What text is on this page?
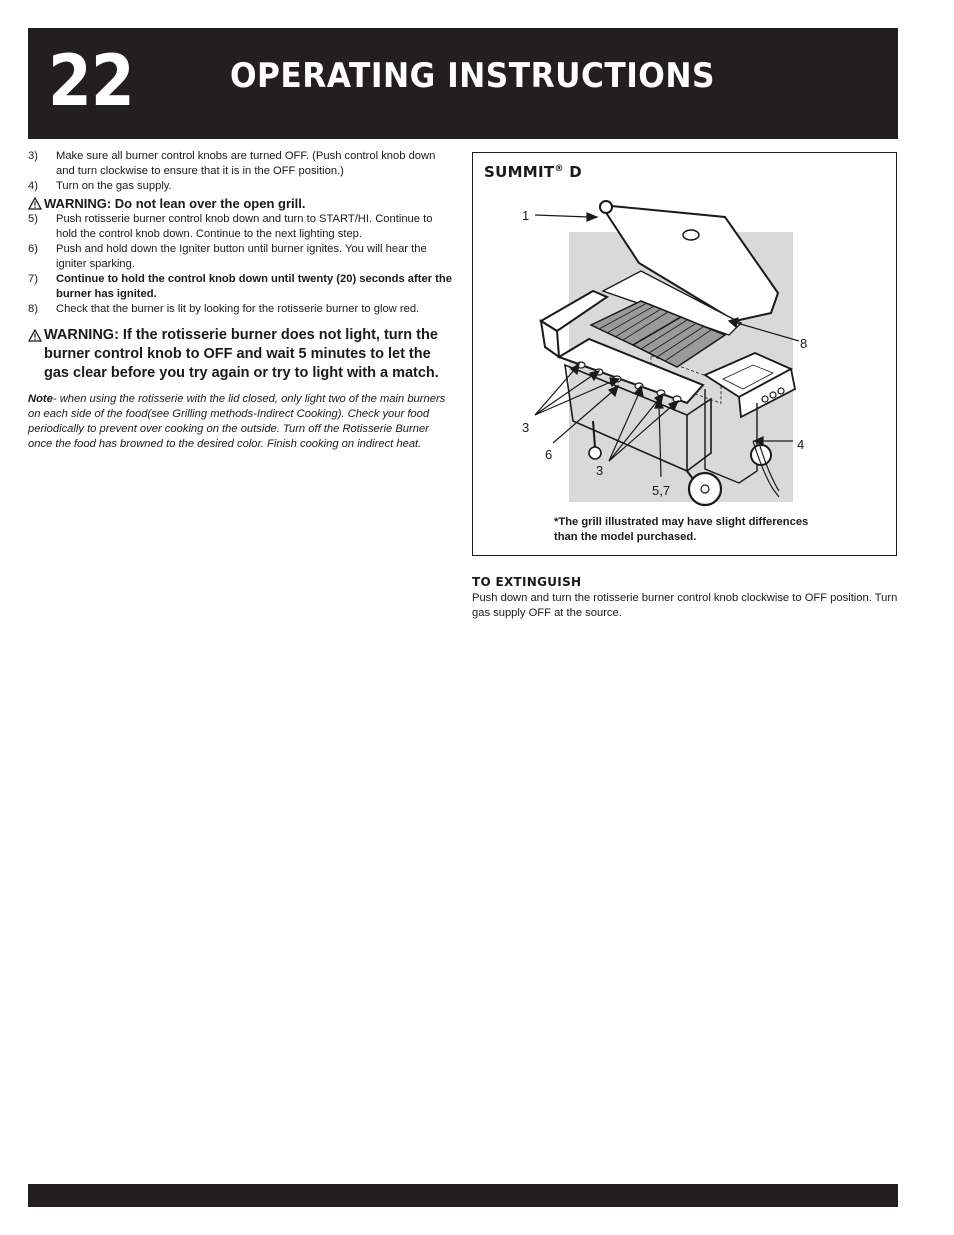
22	OPERATING INSTRUCTIONS
3) Make sure all burner control knobs are turned OFF. (Push control knob down and turn clockwise to ensure that it is in the OFF position.)
4) Turn on the gas supply.
WARNING: Do not lean over the open grill.
5) Push rotisserie burner control knob down and turn to START/HI. Continue to hold the control knob down. Continue to the next lighting step.
6) Push and hold down the Igniter button until burner ignites. You will hear the igniter sparking.
7) Continue to hold the control knob down until twenty (20) seconds after the burner has ignited.
8) Check that the burner is lit by looking for the rotisserie burner to glow red.
WARNING: If the rotisserie burner does not light, turn the burner control knob to OFF and wait 5 minutes to let the gas clear before you try again or try to light with a match.
Note- when using the rotisserie with the lid closed, only light two of the main burners on each side of the food(see Grilling methods-Indirect Cooking). Check your food periodically to prevent over cooking on the outside. Turn off the Rotisserie Burner once the food has browned to the desired color. Finish cooking on indirect heat.
SUMMIT® D
1
8
3
4
6
3
5,7
*The grill illustrated may have slight differences than the model purchased.
TO EXTINGUISH
Push down and turn the rotisserie burner control knob clockwise to OFF position. Turn gas supply OFF at the source.
